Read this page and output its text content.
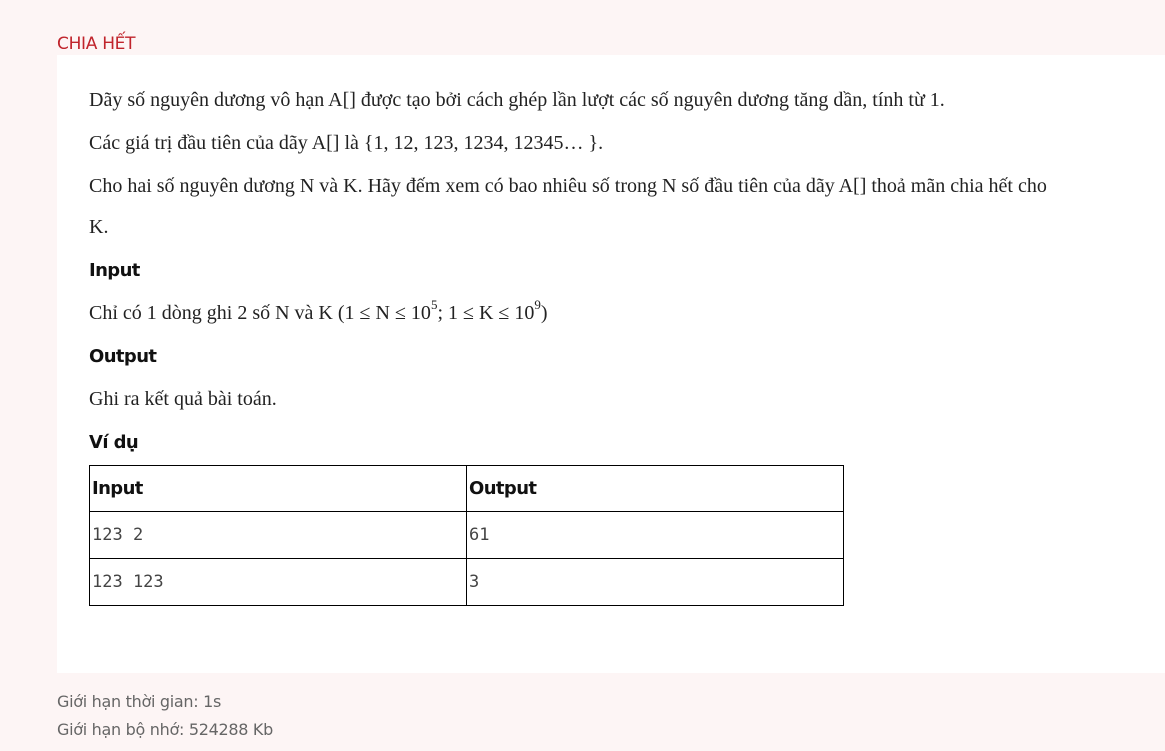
CHIA HẾT
Dãy số nguyên dương vô hạn A[] được tạo bởi cách ghép lần lượt các số nguyên dương tăng dần, tính từ 1.
Các giá trị đầu tiên của dãy A[] là {1, 12, 123, 1234, 12345… }.
Cho hai số nguyên dương N và K. Hãy đếm xem có bao nhiêu số trong N số đầu tiên của dãy A[] thoả mãn chia hết cho
K.
Input
Chỉ có 1 dòng ghi 2 số N và K ($1 \le N \le 10^5$; $1 \le K \le 10^9$)
Output
Ghi ra kết quả bài toán.
Ví dụ
Input	Output
123 2	61
123 123	3
Giới hạn thời gian: 1s
Giới hạn bộ nhớ: 524288 Kb
